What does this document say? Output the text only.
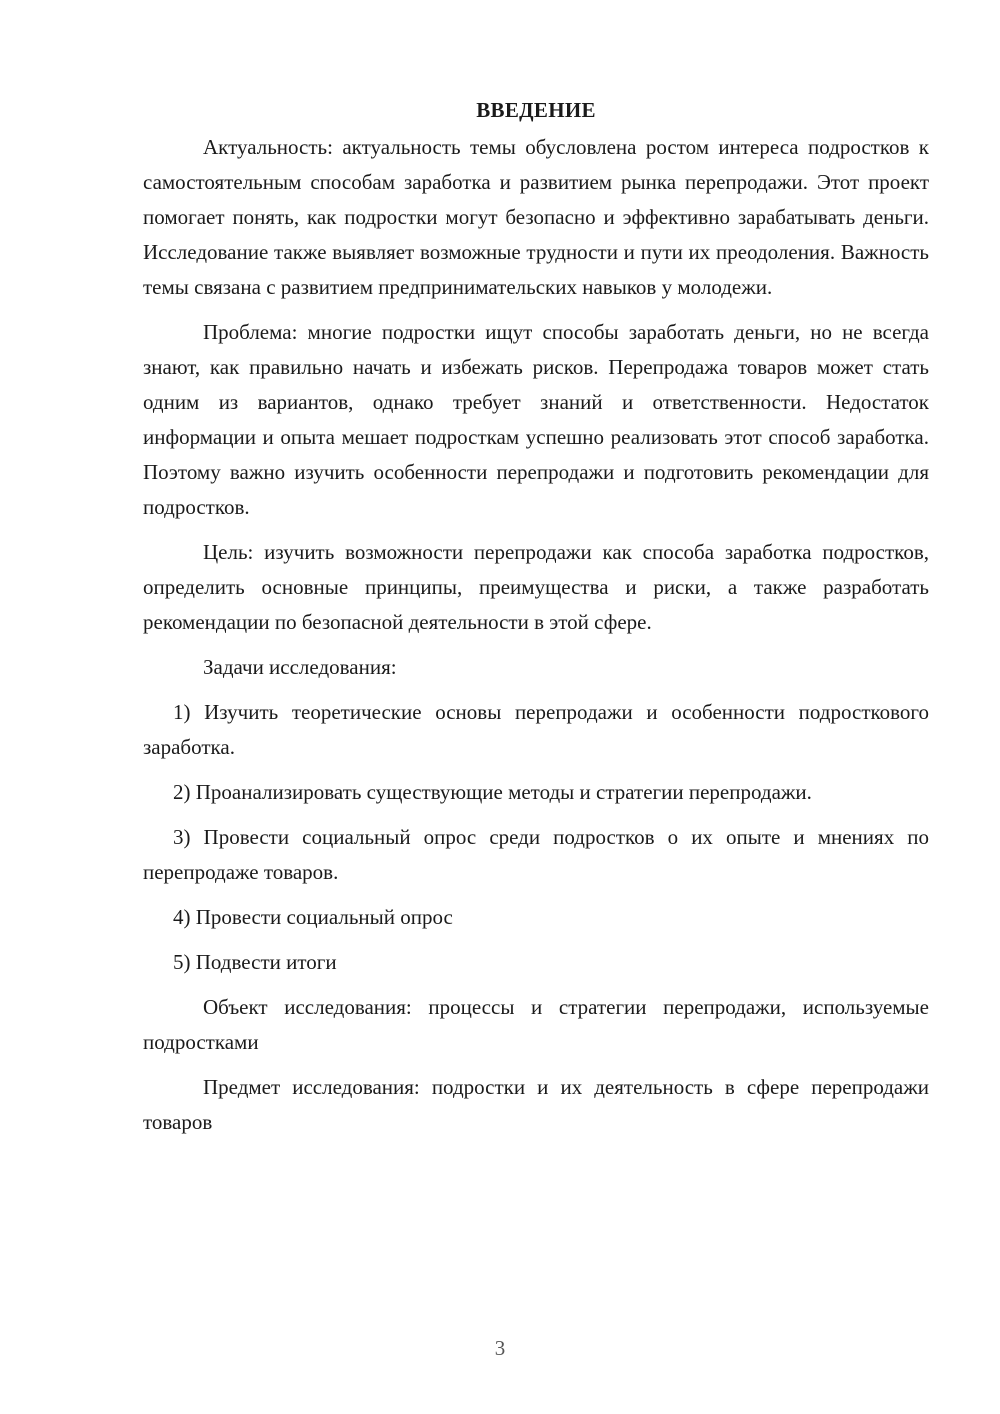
ВВЕДЕНИЕ

Актуальность: актуальность темы обусловлена ростом интереса подростков к самостоятельным способам заработка и развитием рынка перепродажи. Этот проект помогает понять, как подростки могут безопасно и эффективно зарабатывать деньги. Исследование также выявляет возможные трудности и пути их преодоления. Важность темы связана с развитием предпринимательских навыков у молодежи.

Проблема: многие подростки ищут способы заработать деньги, но не всегда знают, как правильно начать и избежать рисков. Перепродажа товаров может стать одним из вариантов, однако требует знаний и ответственности. Недостаток информации и опыта мешает подросткам успешно реализовать этот способ заработка. Поэтому важно изучить особенности перепродажи и подготовить рекомендации для подростков.

Цель: изучить возможности перепродажи как способа заработка подростков, определить основные принципы, преимущества и риски, а также разработать рекомендации по безопасной деятельности в этой сфере.

Задачи исследования:

1) Изучить теоретические основы перепродажи и особенности подросткового заработка.

2) Проанализировать существующие методы и стратегии перепродажи.

3) Провести социальный опрос среди подростков о их опыте и мнениях по перепродаже товаров.

4) Провести социальный опрос

5) Подвести итоги

Объект исследования: процессы и стратегии перепродажи, используемые подростками

Предмет исследования: подростки и их деятельность в сфере перепродажи товаров

3
